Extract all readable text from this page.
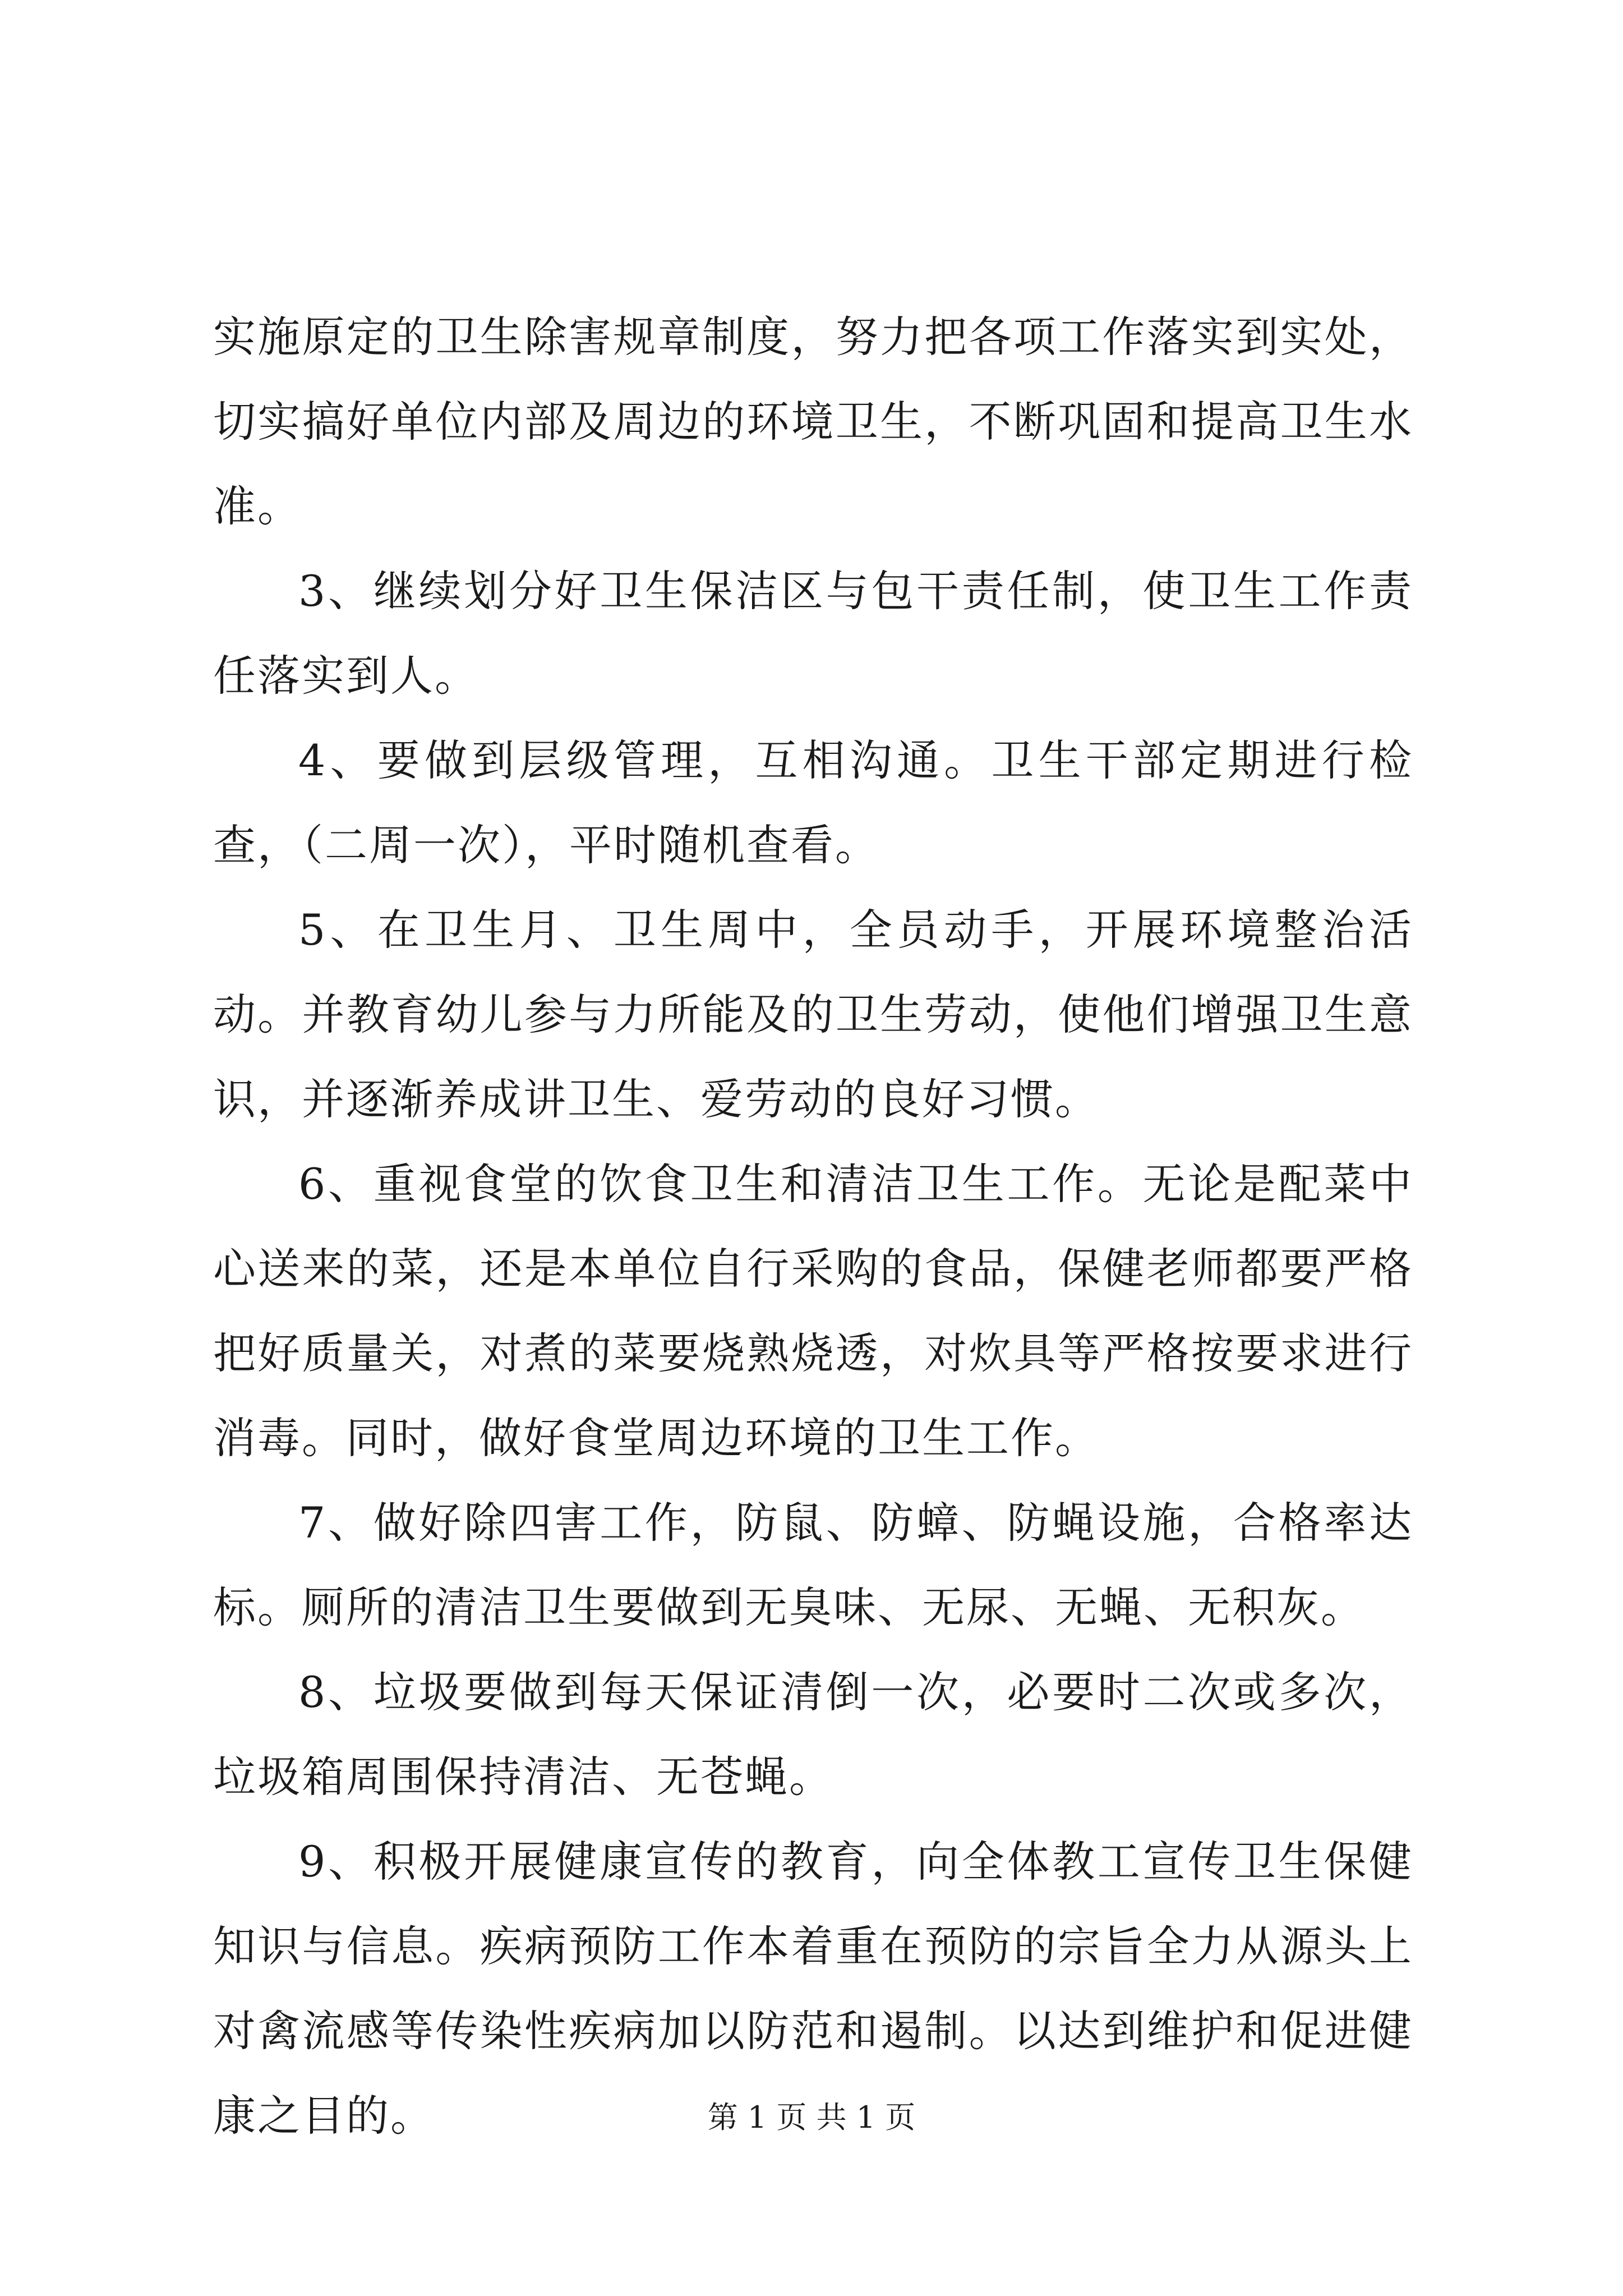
实施原定的卫生除害规章制度，努力把各项工作落实到实处，切实搞好单位内部及周边的环境卫生，不断巩固和提高卫生水准。

3、继续划分好卫生保洁区与包干责任制，使卫生工作责任落实到人。

4、要做到层级管理，互相沟通。卫生干部定期进行检查，（二周一次），平时随机查看。

5、在卫生月、卫生周中，全员动手，开展环境整治活动。并教育幼儿参与力所能及的卫生劳动，使他们增强卫生意识，并逐渐养成讲卫生、爱劳动的良好习惯。

6、重视食堂的饮食卫生和清洁卫生工作。无论是配菜中心送来的菜，还是本单位自行采购的食品，保健老师都要严格把好质量关，对煮的菜要烧熟烧透，对炊具等严格按要求进行消毒。同时，做好食堂周边环境的卫生工作。

7、做好除四害工作，防鼠、防蟑、防蝇设施，合格率达标。厕所的清洁卫生要做到无臭味、无尿、无蝇、无积灰。

8、垃圾要做到每天保证清倒一次，必要时二次或多次，垃圾箱周围保持清洁、无苍蝇。

9、积极开展健康宣传的教育，向全体教工宣传卫生保健知识与信息。疾病预防工作本着重在预防的宗旨全力从源头上对禽流感等传染性疾病加以防范和遏制。以达到维护和促进健康之目的。	第 1 页 共 1 页
